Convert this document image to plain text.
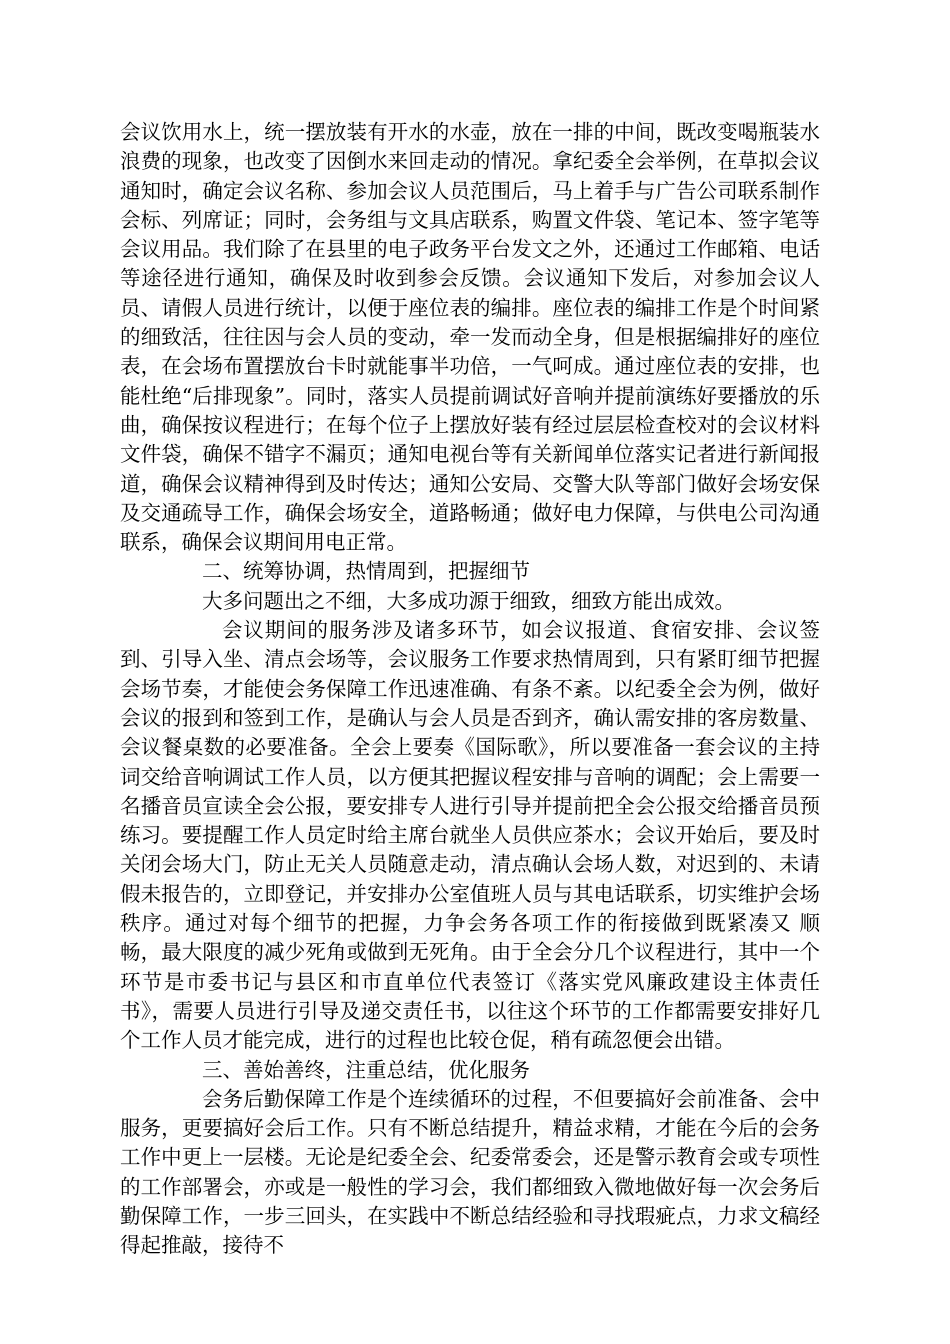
会议饮用水上，统一摆放装有开水的水壶，放在一排的中间，既改变喝瓶装水浪费的现象，也改变了因倒水来回走动的情况。拿纪委全会举例，在草拟会议通知时，确定会议名称、参加会议人员范围后，马上着手与广告公司联系制作会标、列席证；同时，会务组与文具店联系，购置文件袋、笔记本、签字笔等会议用品。我们除了在县里的电子政务平台发文之外，还通过工作邮箱、电话等途径进行通知，确保及时收到参会反馈。会议通知下发后，对参加会议人员、请假人员进行统计，以便于座位表的编排。座位表的编排工作是个时间紧的细致活，往往因与会人员的变动，牵一发而动全身，但是根据编排好的座位表，在会场布置摆放台卡时就能事半功倍，一气呵成。通过座位表的安排，也能杜绝“后排现象”。同时，落实人员提前调试好音响并提前演练好要播放的乐曲，确保按议程进行；在每个位子上摆放好装有经过层层检查校对的会议材料文件袋，确保不错字不漏页；通知电视台等有关新闻单位落实记者进行新闻报道，确保会议精神得到及时传达；通知公安局、交警大队等部门做好会场安保及交通疏导工作，确保会场安全，道路畅通；做好电力保障，与供电公司沟通联系，确保会议期间用电正常。

二、统筹协调，热情周到，把握细节

大多问题出之不细，大多成功源于细致，细致方能出成效。

会议期间的服务涉及诸多环节，如会议报道、食宿安排、会议签到、引导入坐、清点会场等，会议服务工作要求热情周到，只有紧盯细节把握会场节奏，才能使会务保障工作迅速准确、有条不紊。以纪委全会为例，做好会议的报到和签到工作，是确认与会人员是否到齐，确认需安排的客房数量、会议餐桌数的必要准备。全会上要奏《国际歌》，所以要准备一套会议的主持词交给音响调试工作人员，以方便其把握议程安排与音响的调配；会上需要一名播音员宣读全会公报，要安排专人进行引导并提前把全会公报交给播音员预练习。要提醒工作人员定时给主席台就坐人员供应茶水；会议开始后，要及时关闭会场大门，防止无关人员随意走动，清点确认会场人数，对迟到的、未请假未报告的，立即登记，并安排办公室值班人员与其电话联系，切实维护会场秩序。通过对每个细节的把握，力争会务各项工作的衔接做到既紧凑又 顺畅，最大限度的减少死角或做到无死角。由于全会分几个议程进行，其中一个环节是市委书记与县区和市直单位代表签订《落实党风廉政建设主体责任书》，需要人员进行引导及递交责任书，以往这个环节的工作都需要安排好几个工作人员才能完成，进行的过程也比较仓促，稍有疏忽便会出错。

三、善始善终，注重总结，优化服务

会务后勤保障工作是个连续循环的过程，不但要搞好会前准备、会中服务，更要搞好会后工作。只有不断总结提升，精益求精，才能在今后的会务工作中更上一层楼。无论是纪委全会、纪委常委会，还是警示教育会或专项性的工作部署会，亦或是一般性的学习会，我们都细致入微地做好每一次会务后勤保障工作，一步三回头，在实践中不断总结经验和寻找瑕疵点，力求文稿经得起推敲，接待不
